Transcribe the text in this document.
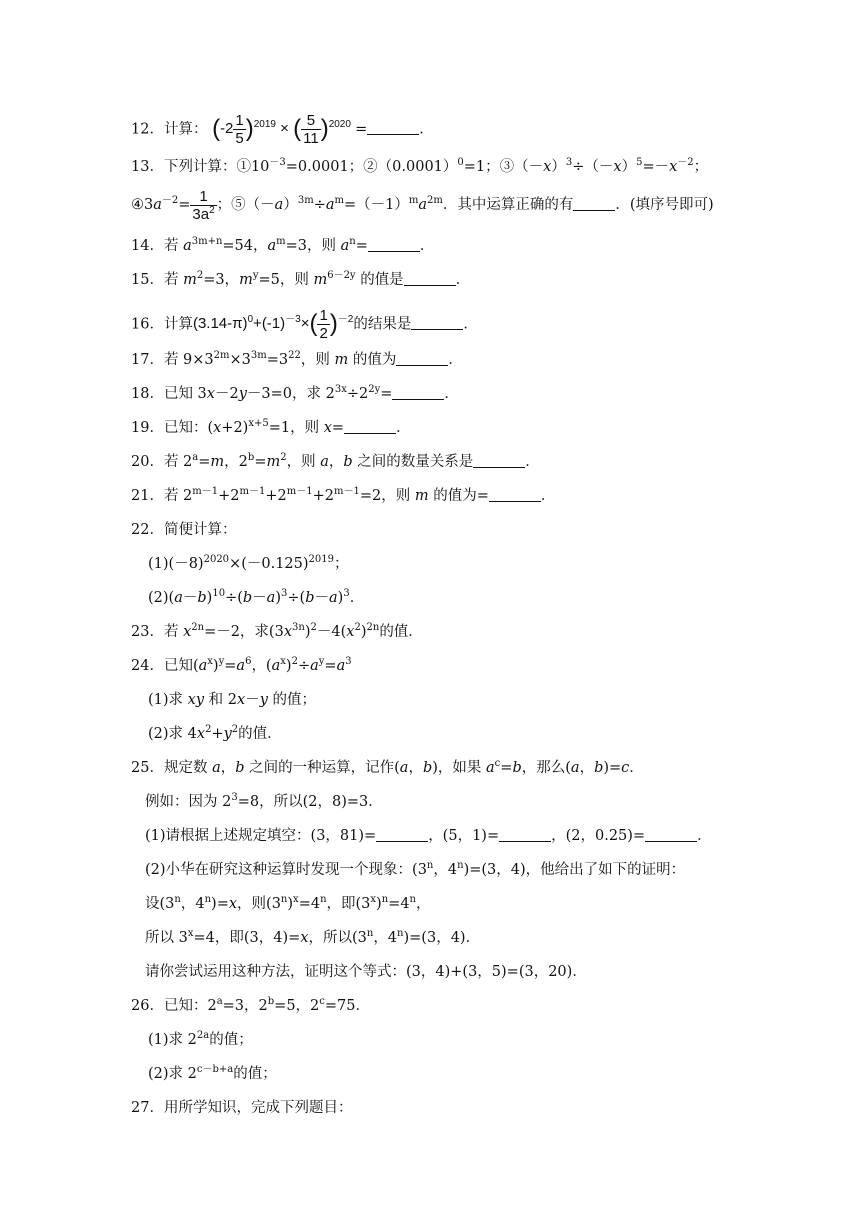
12．计算： $(-2 \frac{1}{5} )^{2019}$ × ( $\frac{5}{11} )^{2020}$ =	．
13．下列计算：$①10^{-3}=0.0001$；$②(0.0001)^0=1$；$③(-x)^3\div(-x)^5=-x^{-2}$；
$④3a^{-2}= \frac{1}{3a^2}$ ；$⑤(-a)^{3m}\div a^m=(-1)^ma^{2m}$．其中运算正确的有	．(填序号即可)
14．若 $a^{3m+n}=54$，$a^m=3$，则 $a^n=$	．
15．若 $m^2=3$，$m^y=5$，则 $m^{6-2y}$ 的值是	．
16．计算$(3.14-\pi)^0+(-1)^{-3}\times( \frac{1}{2} )^{-2}$的结果是	．
17．若 $9\times 3^{2m}\times 3^{3m}=3^{22}$，则 m 的值为	．
18．已知 3x－2y－3=0，求 $2^{3x}\div 2^{2y}=$	．
19．已知：$(x+2)^{x+5}=1$，则 x=	．
20．若 $2^a=m$，$2^b=m^2$，则 a，b 之间的数量关系是	．
21．若 $2^{m-1}+2^{m-1}+2^{m-1}+2^{m-1}=2$，则 m 的值为=	．
22．简便计算：
$(1)(-8)^{2020}\times(-0.125)^{2019}$；
$(2)(a-b)^{10}\div(b-a)^3\div(b-a)^3$．
23．若 $x^{2n}=-2$，求$(3x^{3n})^2-4(x^2)^{2n}$的值．
24．已知$(a^x)^y=a^6$，$(a^x)^2\div a^y=a^3$
(1)求 xy 和 2x－y 的值；
(2)求 $4x^2+y^2$的值．
25．规定数 a，b 之间的一种运算，记作(a，b)，如果 $a^c=b$，那么(a，b)=c．
例如：因为 $2^3=8$，所以(2，8)=3．
(1)请根据上述规定填空：(3，81)=	，(5，1)=	，(2，0.25)=	．
(2)小华在研究这种运算时发现一个现象：(3$^n$，$4^n)=(3$，4)，他给出了如下的证明：
设(3$^n$，$4^n)=x$，则$(3^n)^x=4^n$，即$(3^x)^n=4^n$，
所以 $3^x=4$，即(3，4)=x，所以(3$^n$，$4^n)=(3$，4)．
请你尝试运用这种方法，证明这个等式：(3，4)+(3，5)=(3，20)．
26．已知：$2^a=3$，$2^b=5$，$2^c=75$．
(1)求 $2^{2a}$的值；
(2)求 $2^{c-b+a}$的值；
27．用所学知识，完成下列题目：
